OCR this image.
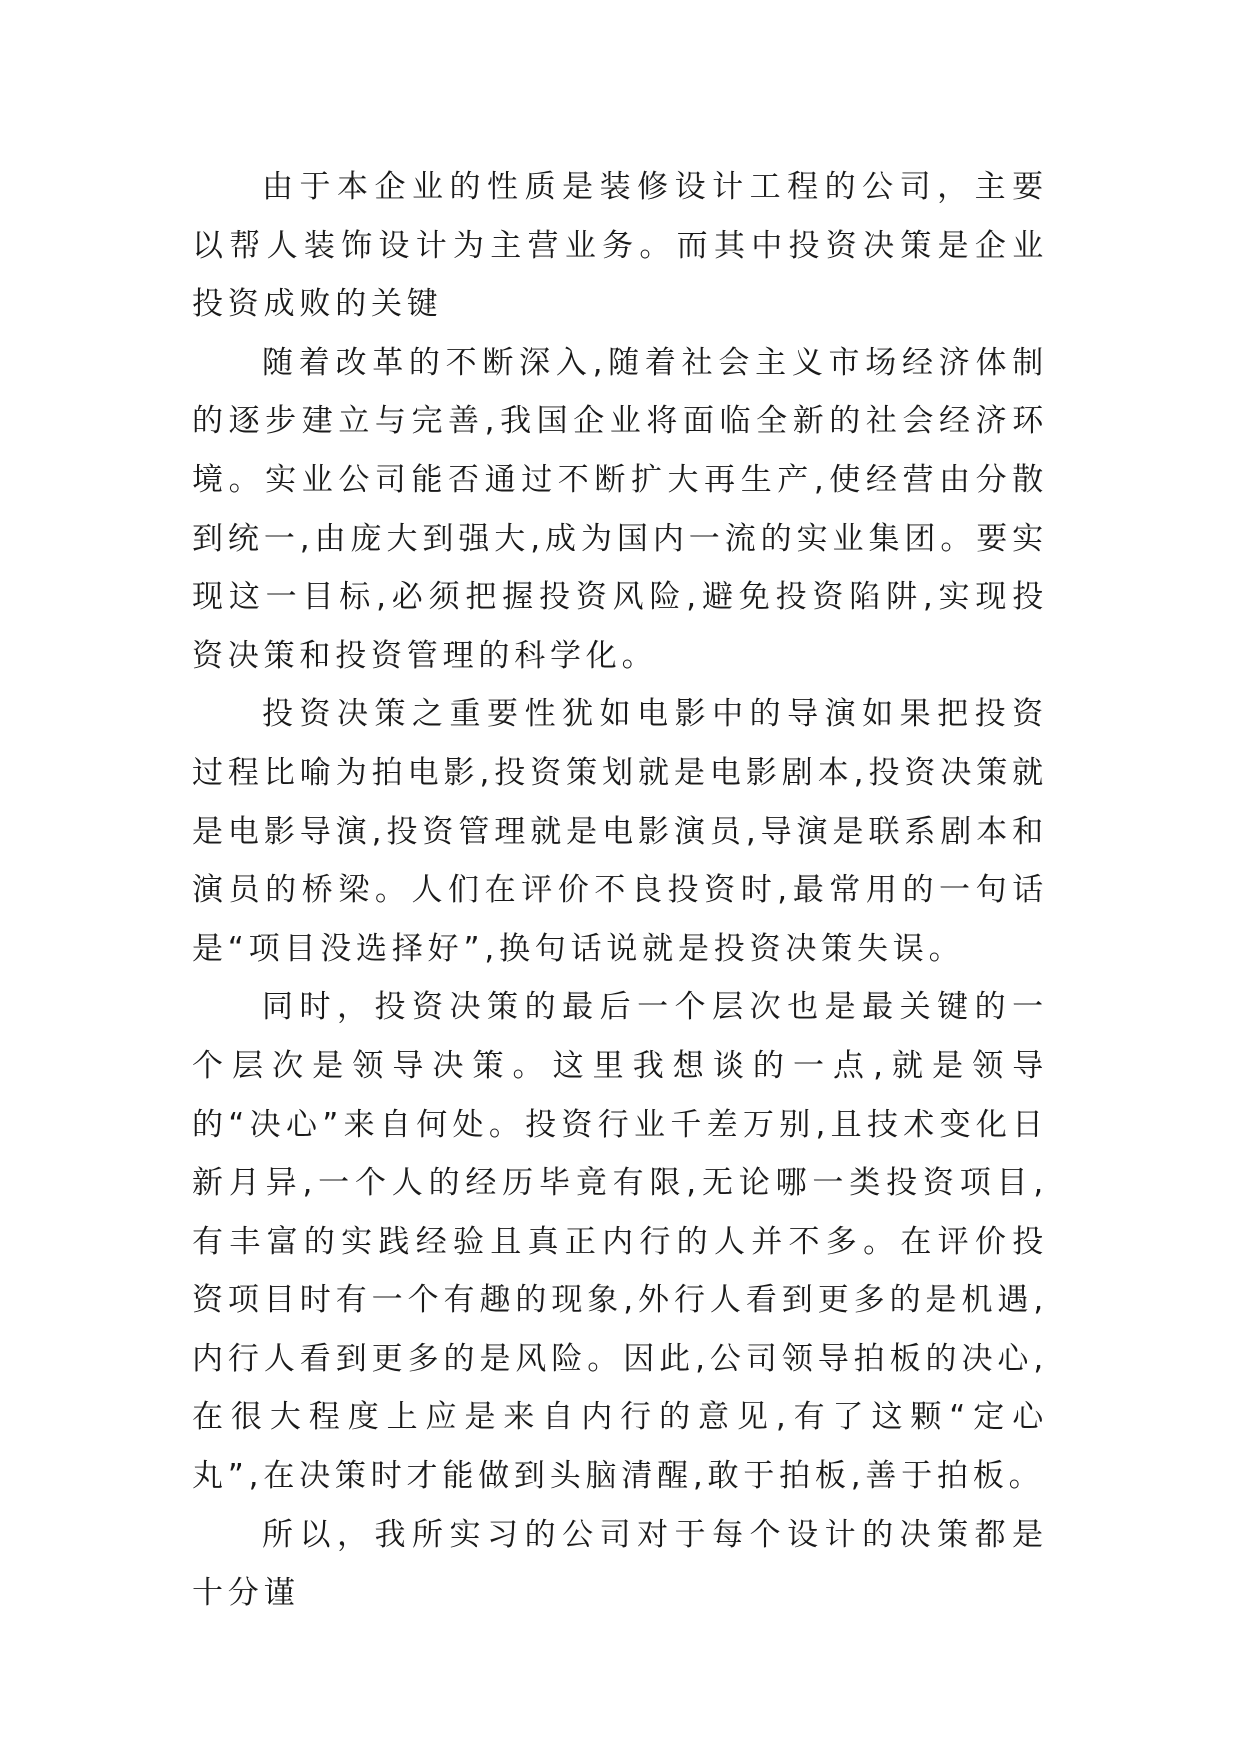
由于本企业的性质是装修设计工程的公司，主要以帮人装饰设计为主营业务。而其中投资决策是企业投资成败的关键

随着改革的不断深入,随着社会主义市场经济体制的逐步建立与完善,我国企业将面临全新的社会经济环境。实业公司能否通过不断扩大再生产,使经营由分散到统一,由庞大到强大,成为国内一流的实业集团。要实现这一目标,必须把握投资风险,避免投资陷阱,实现投资决策和投资管理的科学化。

投资决策之重要性犹如电影中的导演如果把投资过程比喻为拍电影,投资策划就是电影剧本,投资决策就是电影导演,投资管理就是电影演员,导演是联系剧本和演员的桥梁。人们在评价不良投资时,最常用的一句话是“项目没选择好”,换句话说就是投资决策失误。

同时，投资决策的最后一个层次也是最关键的一个层次是领导决策。这里我想谈的一点,就是领导的“决心”来自何处。投资行业千差万别,且技术变化日新月异,一个人的经历毕竟有限,无论哪一类投资项目,有丰富的实践经验且真正内行的人并不多。在评价投资项目时有一个有趣的现象,外行人看到更多的是机遇,内行人看到更多的是风险。因此,公司领导拍板的决心,在很大程度上应是来自内行的意见,有了这颗“定心丸”,在决策时才能做到头脑清醒,敢于拍板,善于拍板。

所以，我所实习的公司对于每个设计的决策都是十分谨
